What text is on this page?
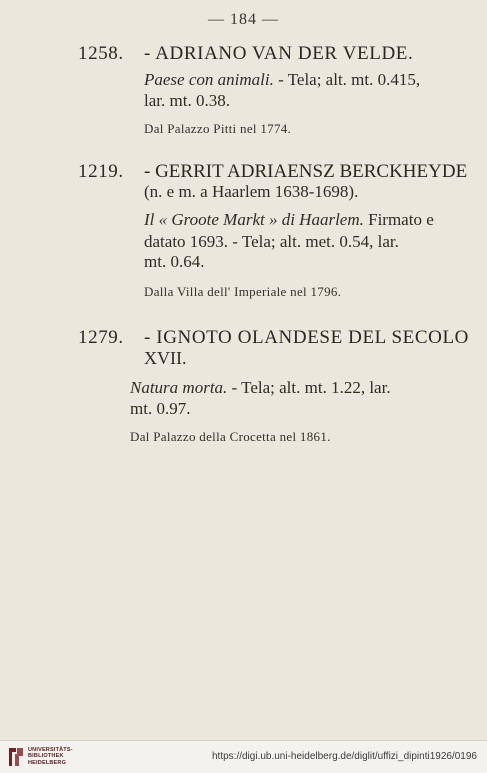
— 184 —
1258. - ADRIANO VAN DER VELDE.
Paese con animali. - Tela; alt. mt. 0.415,
lar. mt. 0.38.
Dal Palazzo Pitti nel 1774.
1219. - GERRIT ADRIAENSZ BERCKHEYDE
(n. e m. a Haarlem 1638-1698).
Il « Groote Markt » di Haarlem. Firmato e
datato 1693. - Tela; alt. met. 0.54, lar.
mt. 0.64.
Dalla Villa dell' Imperiale nel 1796.
1279. - IGNOTO OLANDESE DEL SECOLO
XVII.
Natura morta. - Tela; alt. mt. 1.22, lar.
mt. 0.97.
Dal Palazzo della Crocetta nel 1861.
UNIVERSITÄTS-
BIBLIOTHEK
HEIDELBERG
https://digi.ub.uni-heidelberg.de/diglit/uffizi_dipinti1926/0196
